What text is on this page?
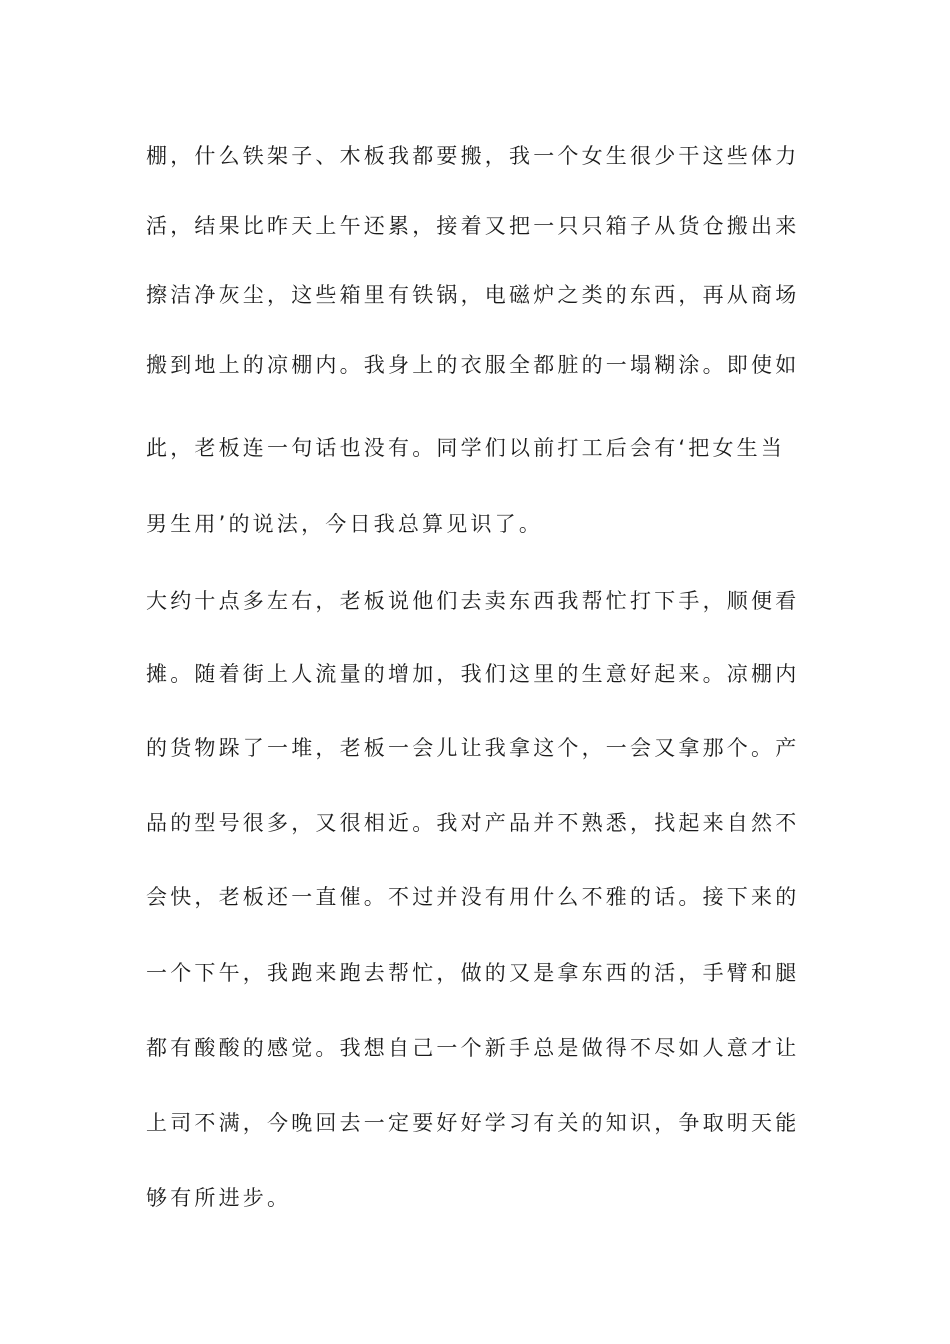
棚，什么铁架子、木板我都要搬，我一个女生很少干这些体力
活，结果比昨天上午还累，接着又把一只只箱子从货仓搬出来
擦洁净灰尘，这些箱里有铁锅，电磁炉之类的东西，再从商场
搬到地上的凉棚内。我身上的衣服全都脏的一塌糊涂。即使如
此，老板连一句话也没有。同学们以前打工后会有‘把女生当
男生用’的说法，今日我总算见识了。
大约十点多左右，老板说他们去卖东西我帮忙打下手，顺便看
摊。随着街上人流量的增加，我们这里的生意好起来。凉棚内
的货物跺了一堆，老板一会儿让我拿这个，一会又拿那个。产
品的型号很多，又很相近。我对产品并不熟悉，找起来自然不
会快，老板还一直催。不过并没有用什么不雅的话。接下来的
一个下午，我跑来跑去帮忙，做的又是拿东西的活，手臂和腿
都有酸酸的感觉。我想自己一个新手总是做得不尽如人意才让
上司不满，今晚回去一定要好好学习有关的知识，争取明天能
够有所进步。
